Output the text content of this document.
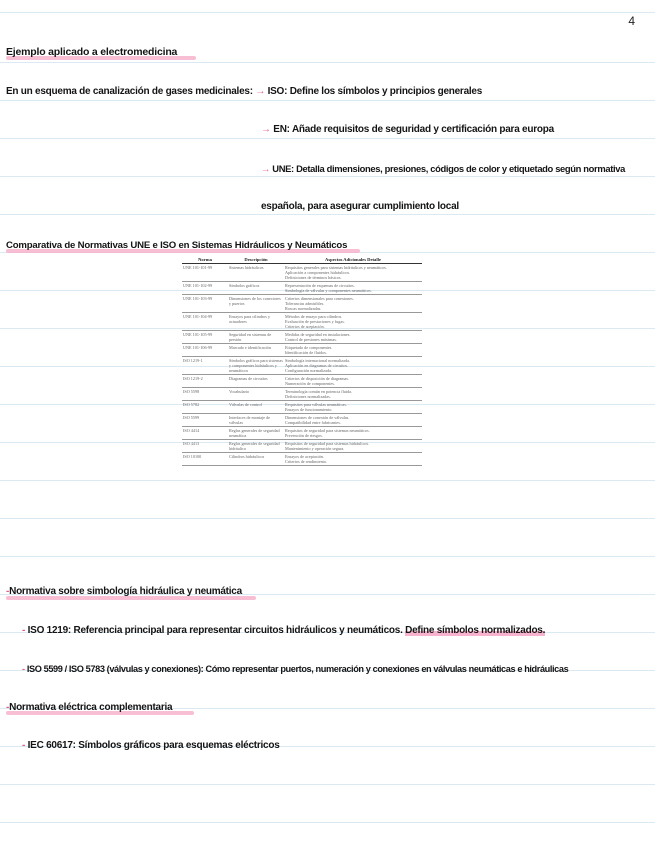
4
Ejemplo aplicado a electromedicina
En un esquema de canalización de gases medicinales: → ISO: Define los símbolos y principios generales
→ EN: Añade requisitos de seguridad y certificación para europa
→ UNE: Detalla dimensiones, presiones, códigos de color y etiquetado según normativa
española, para asegurar cumplimiento local
Comparativa de Normativas UNE e ISO en Sistemas Hidráulicos y Neumáticos
Norma	Descripción	Aspectos Adicionales Detalle
UNE 101-101-99	Sistemas hidráulicos	Requisitos generales para sistemas hidráulicos y neumáticos.
Aplicación a componentes hidráulicos.
Definiciones de términos básicos.

UNE 101-102-99	Símbolos gráficos	Representación de esquemas de circuitos.
Simbología de válvulas y componentes neumáticos.

UNE 101-103-99	Dimensiones de los conectores y puertos	Criterios dimensionales para conexiones.
Tolerancias admisibles.
Roscas normalizadas.

UNE 101-104-99	Ensayos para cilindros y actuadores	Métodos de ensayo para cilindros.
Evaluación de prestaciones y fugas.
Criterios de aceptación.

UNE 101-105-99	Seguridad en sistemas de presión	Medidas de seguridad en instalaciones.
Control de presiones máximas.

UNE 101-106-99	Marcado e identificación	Etiquetado de componentes.
Identificación de fluidos.

ISO 1219-1	Símbolos gráficos para sistemas y componentes hidráulicos y neumáticos	Simbología internacional normalizada.
Aplicación en diagramas de circuitos.
Configuración normalizada.

ISO 1219-2	Diagramas de circuitos	Criterios de disposición de diagramas.
Numeración de componentes.

ISO 5598	Vocabulario	Terminología común en potencia fluida.
Definiciones normalizadas.

ISO 5782	Válvulas de control	Requisitos para válvulas neumáticas.
Ensayos de funcionamiento.

ISO 5599	Interfaces de montaje de válvulas	Dimensiones de conexión de válvulas.
Compatibilidad entre fabricantes.

ISO 4414	Reglas generales de seguridad neumática	Requisitos de seguridad para sistemas neumáticos.
Prevención de riesgos.

ISO 4413	Reglas generales de seguridad hidráulica	Requisitos de seguridad para sistemas hidráulicos.
Mantenimiento y operación segura.

ISO 10100	Cilindros hidráulicos	Ensayos de aceptación.
Criterios de rendimiento.
-Normativa sobre simbología hidráulica y neumática
- ISO 1219: Referencia principal para representar circuitos hidráulicos y neumáticos. Define símbolos normalizados.
- ISO 5599 / ISO 5783 (válvulas y conexiones): Cómo representar puertos, numeración y conexiones en válvulas neumáticas e hidráulicas
-Normativa eléctrica complementaria
- IEC 60617: Símbolos gráficos para esquemas eléctricos
